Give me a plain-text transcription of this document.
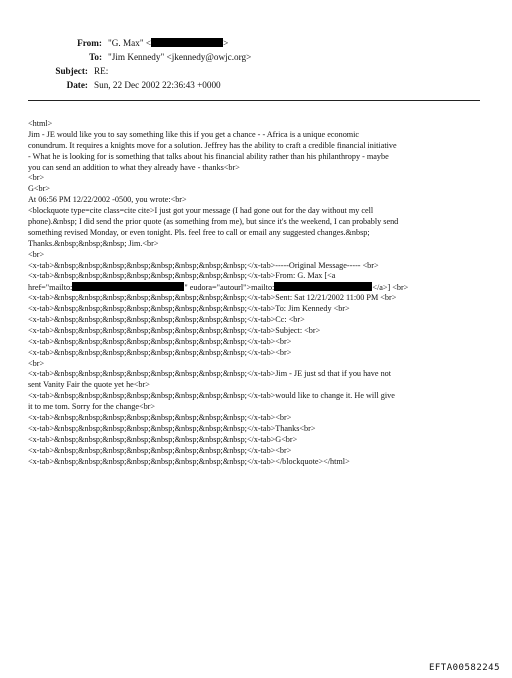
From: "G. Max" <	>
To: "Jim Kennedy" <jkennedy@owjc.org>
Subject: RE:
Date: Sun, 22 Dec 2002 22:36:43 +0000
<html>
Jim - JE would like you to say something like this if you get a chance - - Africa is a unique economic
conundrum. It requires a knights move for a solution. Jeffrey has the ability to craft a credible financial initiative
- What he is looking for is something that talks about his financial ability rather than his philanthropy - maybe
you can send an addition to what they already have - thanks<br>
<br>
G<br>
At 06:56 PM 12/22/2002 -0500, you wrote:<br>
<blockquote type=cite class=cite cite>I just got your message (I had gone out for the day without my cell
phone).&nbsp; I did send the prior quote (as something from me), but since it's the weekend, I can probably send
something revised Monday, or even tonight. Pls. feel free to call or email any suggested changes.&nbsp;
Thanks.&nbsp;&nbsp;&nbsp; Jim.<br>
<br>
<x-tab>&nbsp;&nbsp;&nbsp;&nbsp;&nbsp;&nbsp;&nbsp;&nbsp;</x-tab>-----Original Message----- <br>
<x-tab>&nbsp;&nbsp;&nbsp;&nbsp;&nbsp;&nbsp;&nbsp;&nbsp;</x-tab>From: G. Max [<a
href="mailto:	" eudora="autourl">mailto:	</a>] <br>
<x-tab>&nbsp;&nbsp;&nbsp;&nbsp;&nbsp;&nbsp;&nbsp;&nbsp;</x-tab>Sent: Sat 12/21/2002 11:00 PM <br>
<x-tab>&nbsp;&nbsp;&nbsp;&nbsp;&nbsp;&nbsp;&nbsp;&nbsp;</x-tab>To: Jim Kennedy <br>
<x-tab>&nbsp;&nbsp;&nbsp;&nbsp;&nbsp;&nbsp;&nbsp;&nbsp;</x-tab>Cc: <br>
<x-tab>&nbsp;&nbsp;&nbsp;&nbsp;&nbsp;&nbsp;&nbsp;&nbsp;</x-tab>Subject: <br>
<x-tab>&nbsp;&nbsp;&nbsp;&nbsp;&nbsp;&nbsp;&nbsp;&nbsp;</x-tab><br>
<x-tab>&nbsp;&nbsp;&nbsp;&nbsp;&nbsp;&nbsp;&nbsp;&nbsp;</x-tab><br>
<br>
<x-tab>&nbsp;&nbsp;&nbsp;&nbsp;&nbsp;&nbsp;&nbsp;&nbsp;</x-tab>Jim - JE just sd that if you have not
sent Vanity Fair the quote yet he<br>
<x-tab>&nbsp;&nbsp;&nbsp;&nbsp;&nbsp;&nbsp;&nbsp;&nbsp;</x-tab>would like to change it. He will give
it to me tom. Sorry for the change<br>
<x-tab>&nbsp;&nbsp;&nbsp;&nbsp;&nbsp;&nbsp;&nbsp;&nbsp;</x-tab><br>
<x-tab>&nbsp;&nbsp;&nbsp;&nbsp;&nbsp;&nbsp;&nbsp;&nbsp;</x-tab>Thanks<br>
<x-tab>&nbsp;&nbsp;&nbsp;&nbsp;&nbsp;&nbsp;&nbsp;&nbsp;</x-tab>G<br>
<x-tab>&nbsp;&nbsp;&nbsp;&nbsp;&nbsp;&nbsp;&nbsp;&nbsp;</x-tab><br>
<x-tab>&nbsp;&nbsp;&nbsp;&nbsp;&nbsp;&nbsp;&nbsp;&nbsp;</x-tab></blockquote></html>
EFTA00582245
